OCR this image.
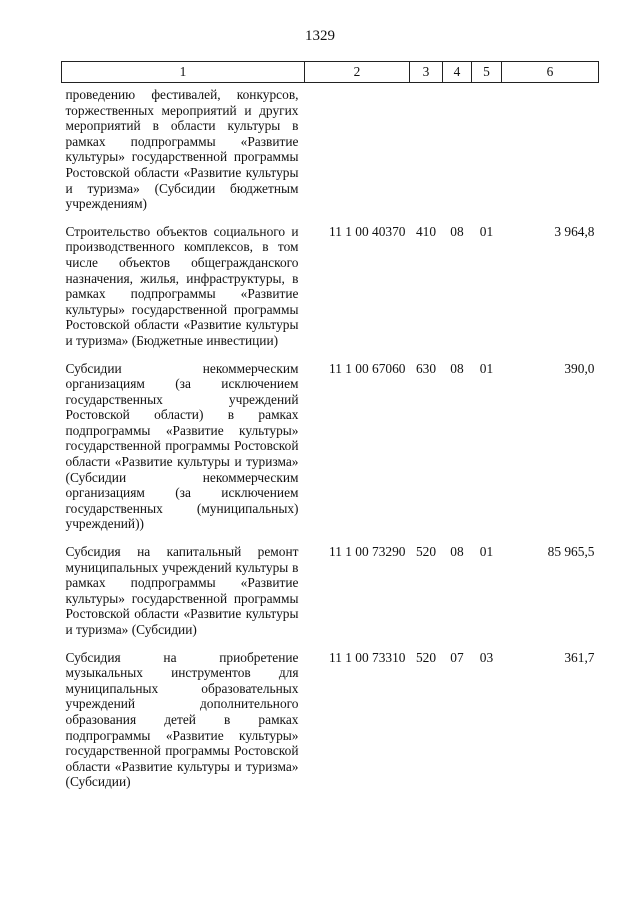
1329
1	2	3	4	5	6
проведению фестивалей, конкурсов, торжественных мероприятий и других мероприятий в области культуры в рамках подпрограммы «Развитие культуры» государственной программы Ростовской области «Развитие культуры и туризма» (Субсидии бюджетным учреждениям)					
Строительство объектов социального и производственного комплексов, в том числе объектов общегражданского назначения, жилья, инфраструктуры, в рамках подпрограммы «Развитие культуры» государственной программы Ростовской области «Развитие культуры и туризма» (Бюджетные инвестиции)	11 1 00 40370	410	08	01	3 964,8
Субсидии некоммерческим организациям (за исключением государственных учреждений Ростовской области) в рамках подпрограммы «Развитие культуры» государственной программы Ростовской области «Развитие культуры и туризма» (Субсидии некоммерческим организациям (за исключением государственных (муниципальных) учреждений))	11 1 00 67060	630	08	01	390,0
Субсидия на капитальный ремонт муниципальных учреждений культуры в рамках подпрограммы «Развитие культуры» государственной программы Ростовской области «Развитие культуры и туризма» (Субсидии)	11 1 00 73290	520	08	01	85 965,5
Субсидия на приобретение музыкальных инструментов для муниципальных образовательных учреждений дополнительного образования детей в рамках подпрограммы «Развитие культуры» государственной программы Ростовской области «Развитие культуры и туризма» (Субсидии)	11 1 00 73310	520	07	03	361,7
